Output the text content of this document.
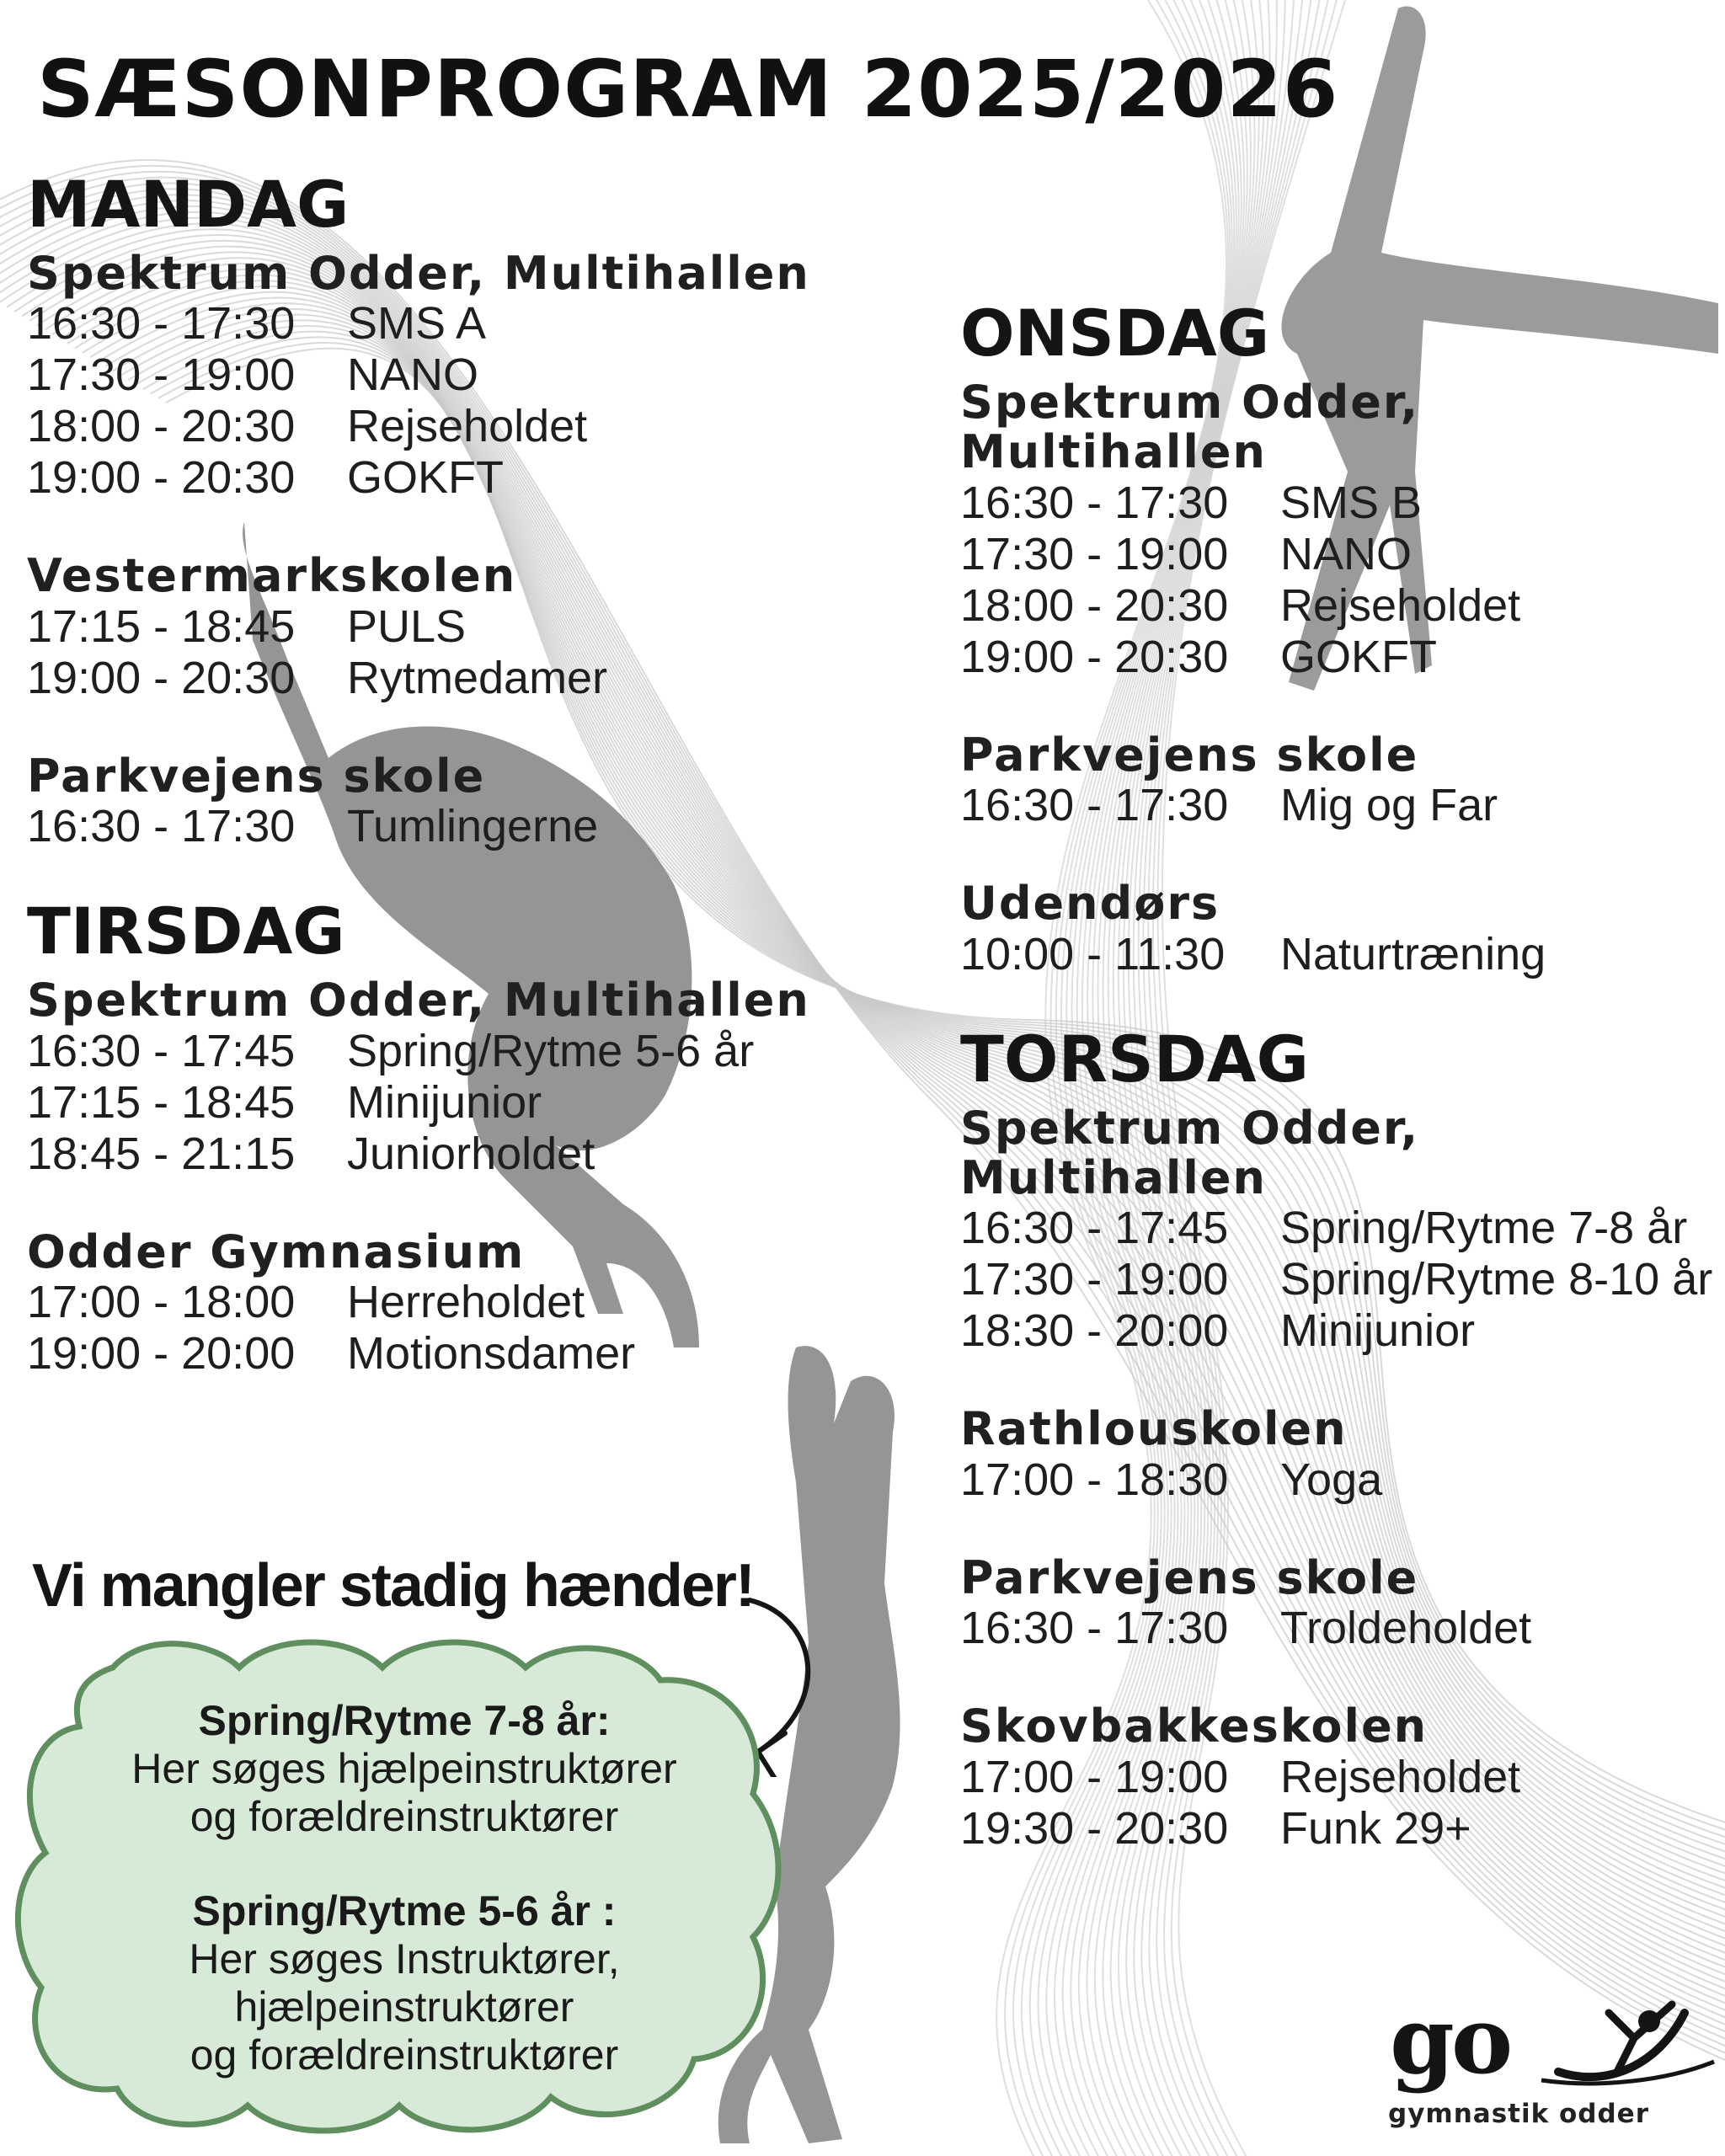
SÆSONPROGRAM 2025/2026
MANDAG
Spektrum Odder, Multihallen
16:30 - 17:30	SMS A
17:30 - 19:00	NANO
18:00 - 20:30	Rejseholdet
19:00 - 20:30	GOKFT
Vestermarkskolen
17:15 - 18:45	PULS
19:00 - 20:30	Rytmedamer
Parkvejens skole
16:30 - 17:30	Tumlingerne
TIRSDAG
Spektrum Odder, Multihallen
16:30 - 17:45	Spring/Rytme 5-6 år
17:15 - 18:45	Minijunior
18:45 - 21:15	Juniorholdet
Odder Gymnasium
17:00 - 18:00	Herreholdet
19:00 - 20:00	Motionsdamer
ONSDAG
Spektrum Odder, Multihallen
16:30 - 17:30	SMS B
17:30 - 19:00	NANO
18:00 - 20:30	Rejseholdet
19:00 - 20:30	GOKFT
Parkvejens skole
16:30 - 17:30	Mig og Far
Udendørs
10:00 - 11:30	Naturtræning
TORSDAG
Spektrum Odder, Multihallen
16:30 - 17:45	Spring/Rytme 7-8 år
17:30 - 19:00	Spring/Rytme 8-10 år
18:30 - 20:00	Minijunior
Rathlouskolen
17:00 - 18:30	Yoga
Parkvejens skole
16:30 - 17:30	Troldeholdet
Skovbakkeskolen
17:00 - 19:00	Rejseholdet
19:30 - 20:30	Funk 29+
Vi mangler stadig hænder!
Spring/Rytme 7-8 år:
Her søges hjælpeinstruktører
og forældreinstruktører
Spring/Rytme 5-6 år :
Her søges Instruktører,
hjælpeinstruktører
og forældreinstruktører	go
gymnastik odder
